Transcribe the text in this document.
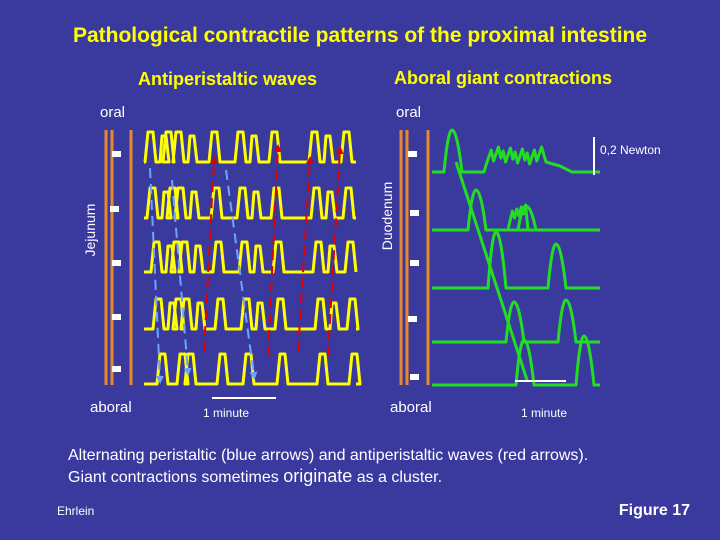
Pathological contractile patterns of the proximal intestine
Antiperistaltic waves	Aboral giant contractions
oral	oral
aboral	aboral
1 minute	1 minute
0,2 Newton
Jejunum	Duodenum
Alternating peristaltic (blue arrows) and antiperistaltic waves (red arrows).
Giant contractions sometimes originate as a cluster.
Ehrlein	Figure 17
